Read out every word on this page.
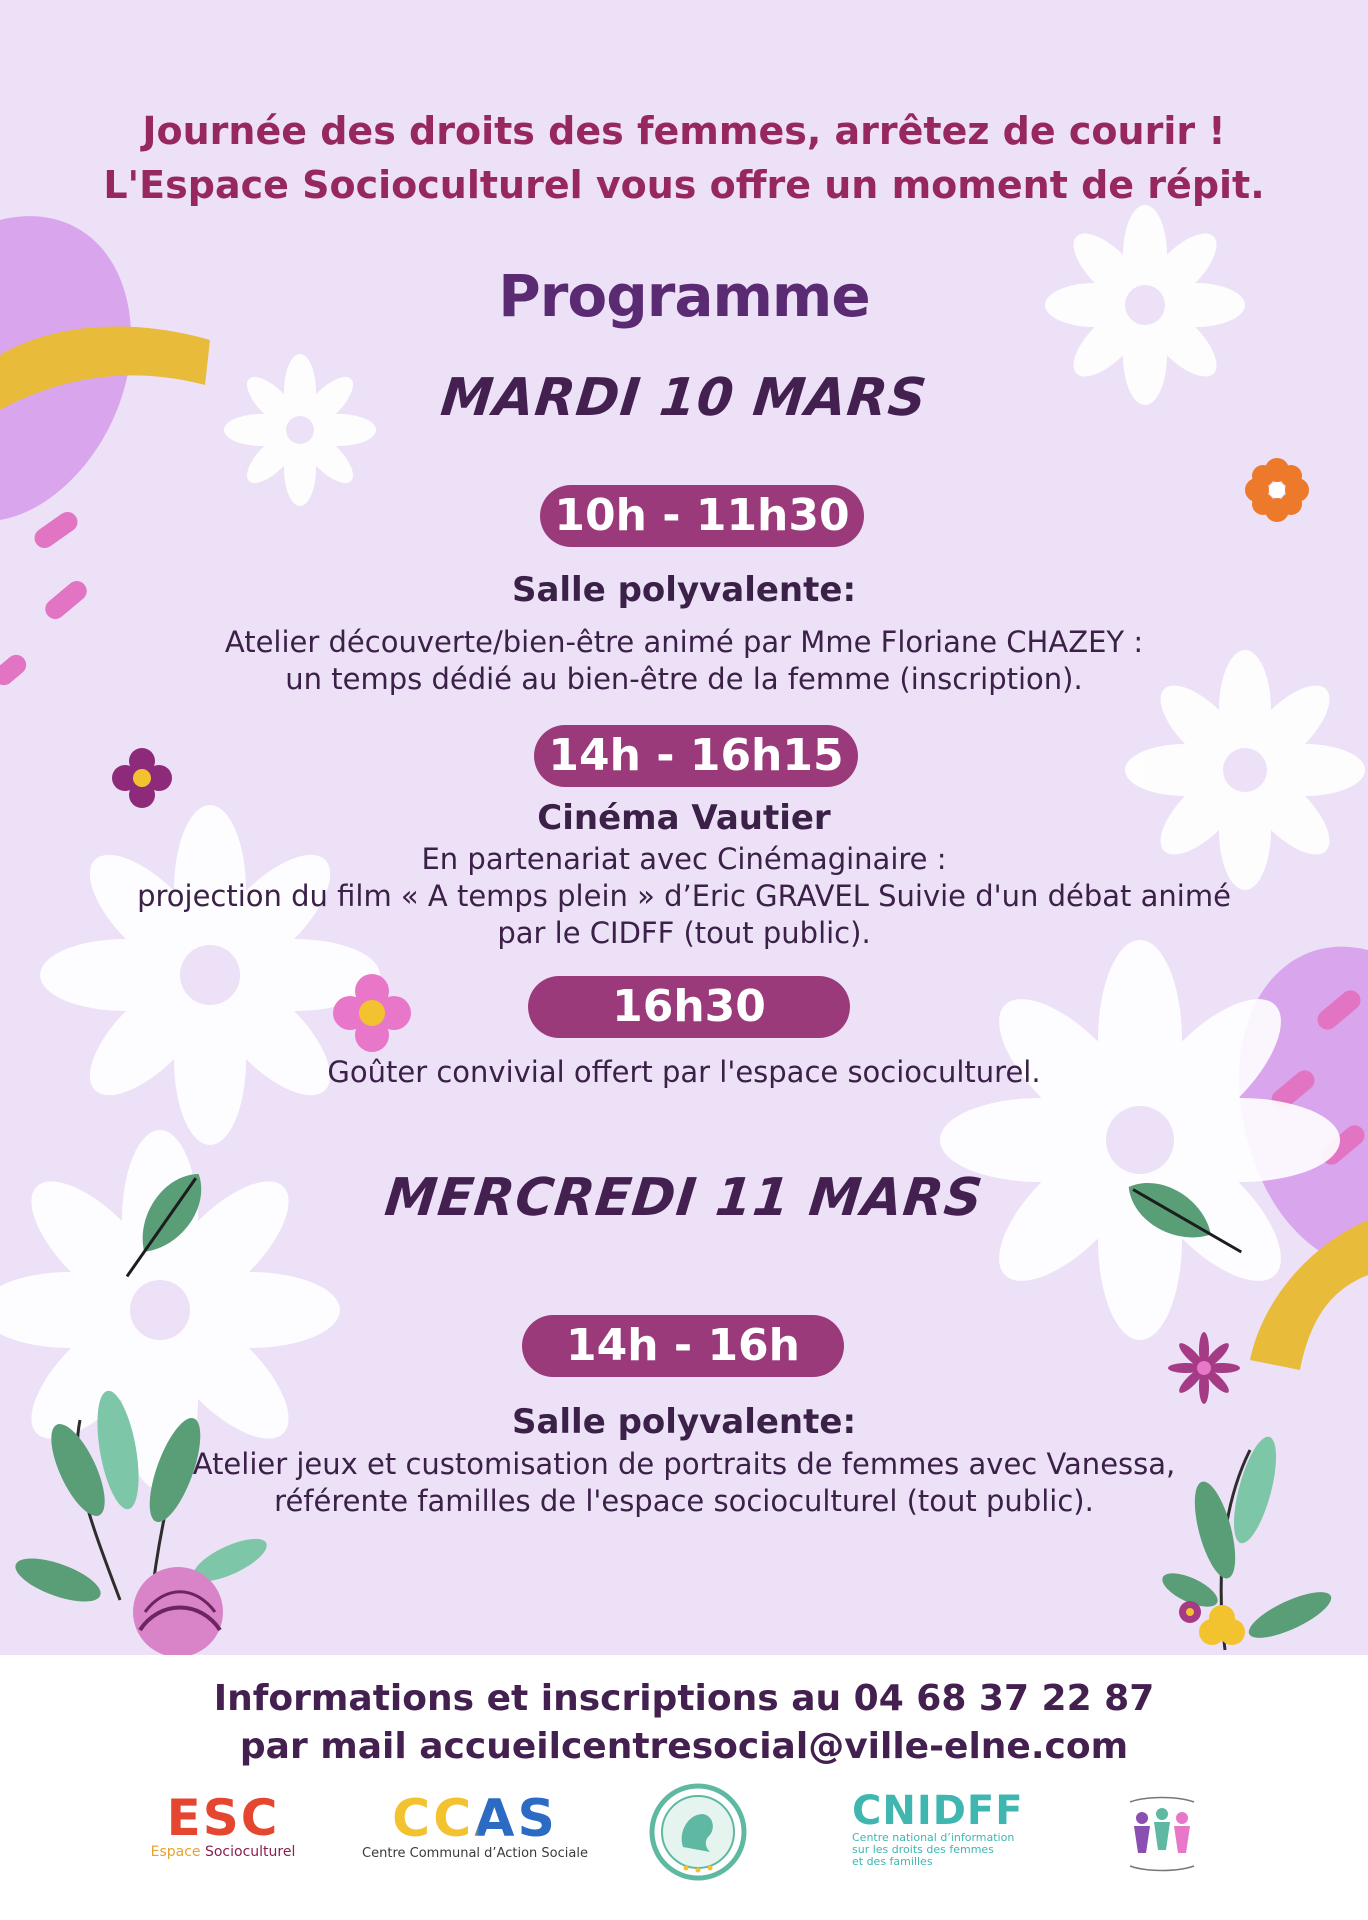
Journée des droits des femmes, arrêtez de courir !
L'Espace Socioculturel vous offre un moment de répit.
Programme
MARDI 10 MARS
10h - 11h30
Salle polyvalente:
Atelier découverte/bien-être animé par Mme Floriane CHAZEY :
un temps dédié au bien-être de la femme (inscription).
14h - 16h15
Cinéma Vautier
En partenariat avec Cinémaginaire :
projection du film « A temps plein » d’Eric GRAVEL Suivie d'un débat animé
par le CIDFF (tout public).
16h30
Goûter convivial offert par l'espace socioculturel.
MERCREDI 11 MARS
14h - 16h
Salle polyvalente:
Atelier jeux et customisation de portraits de femmes avec Vanessa,
référente familles de l'espace socioculturel (tout public).
Informations et inscriptions au 04 68 37 22 87
par mail accueilcentresocial@ville-elne.com
ESC
Espace Socioculturel
CCAS
Centre Communal d’Action Sociale
CNIDFF
Centre national d’information
sur les droits des femmes
et des familles
